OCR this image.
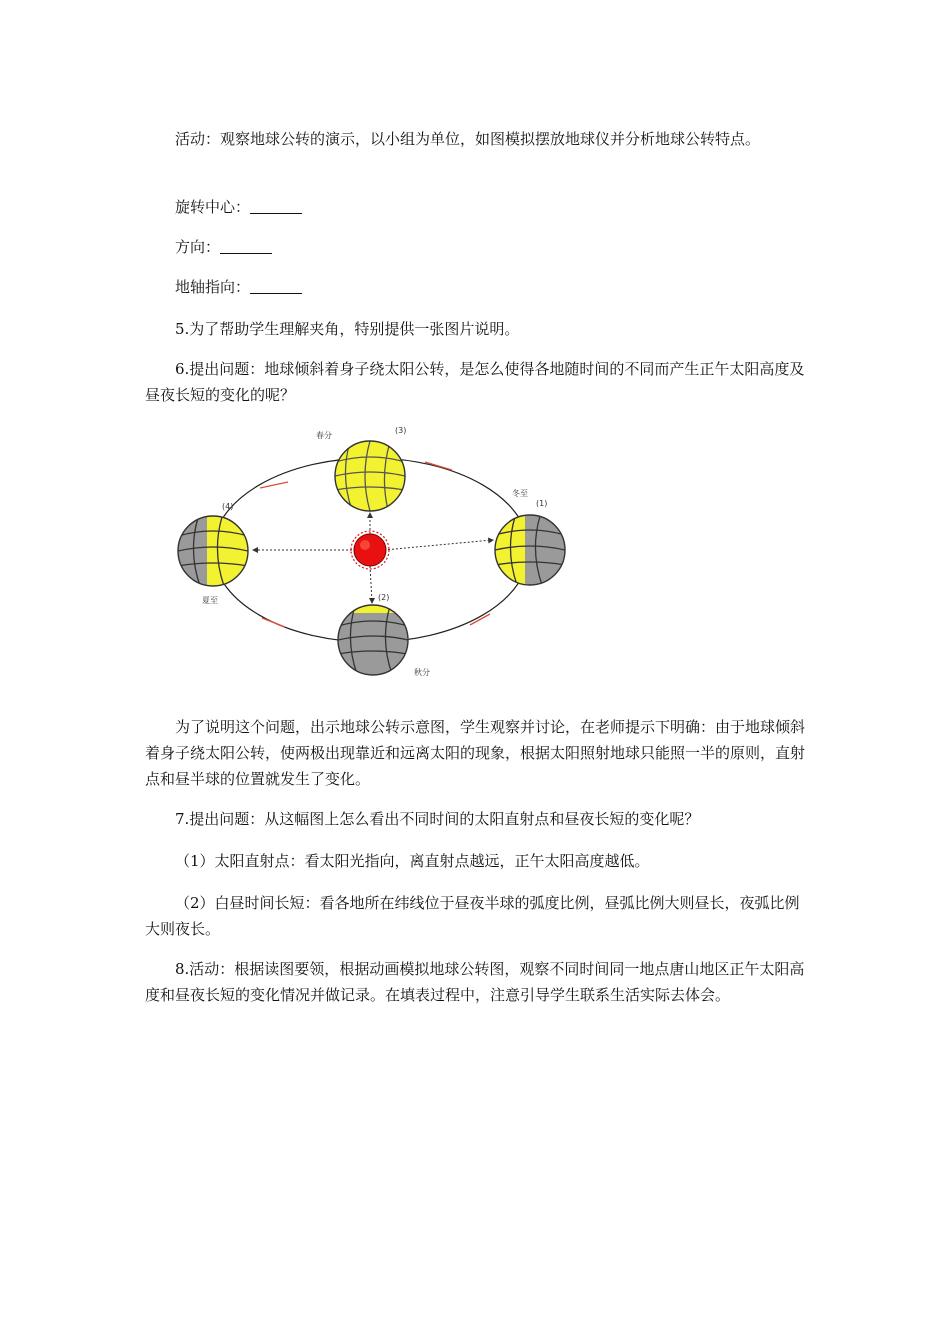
活动：观察地球公转的演示，以小组为单位，如图模拟摆放地球仪并分析地球公转特点。

旋转中心：

方向：

地轴指向：

5.为了帮助学生理解夹角，特别提供一张图片说明。

6.提出问题：地球倾斜着身子绕太阳公转，是怎么使得各地随时间的不同而产生正午太阳高度及昼夜长短的变化的呢？

春分
(3)
冬至
(1)
(4)
夏至	(2)
秋分

为了说明这个问题，出示地球公转示意图，学生观察并讨论，在老师提示下明确：由于地球倾斜着身子绕太阳公转，使两极出现靠近和远离太阳的现象，根据太阳照射地球只能照一半的原则，直射点和昼半球的位置就发生了变化。

7.提出问题：从这幅图上怎么看出不同时间的太阳直射点和昼夜长短的变化呢？

（1）太阳直射点：看太阳光指向，离直射点越远，正午太阳高度越低。

（2）白昼时间长短：看各地所在纬线位于昼夜半球的弧度比例，昼弧比例大则昼长，夜弧比例大则夜长。

8.活动：根据读图要领，根据动画模拟地球公转图，观察不同时间同一地点唐山地区正午太阳高度和昼夜长短的变化情况并做记录。在填表过程中，注意引导学生联系生活实际去体会。
